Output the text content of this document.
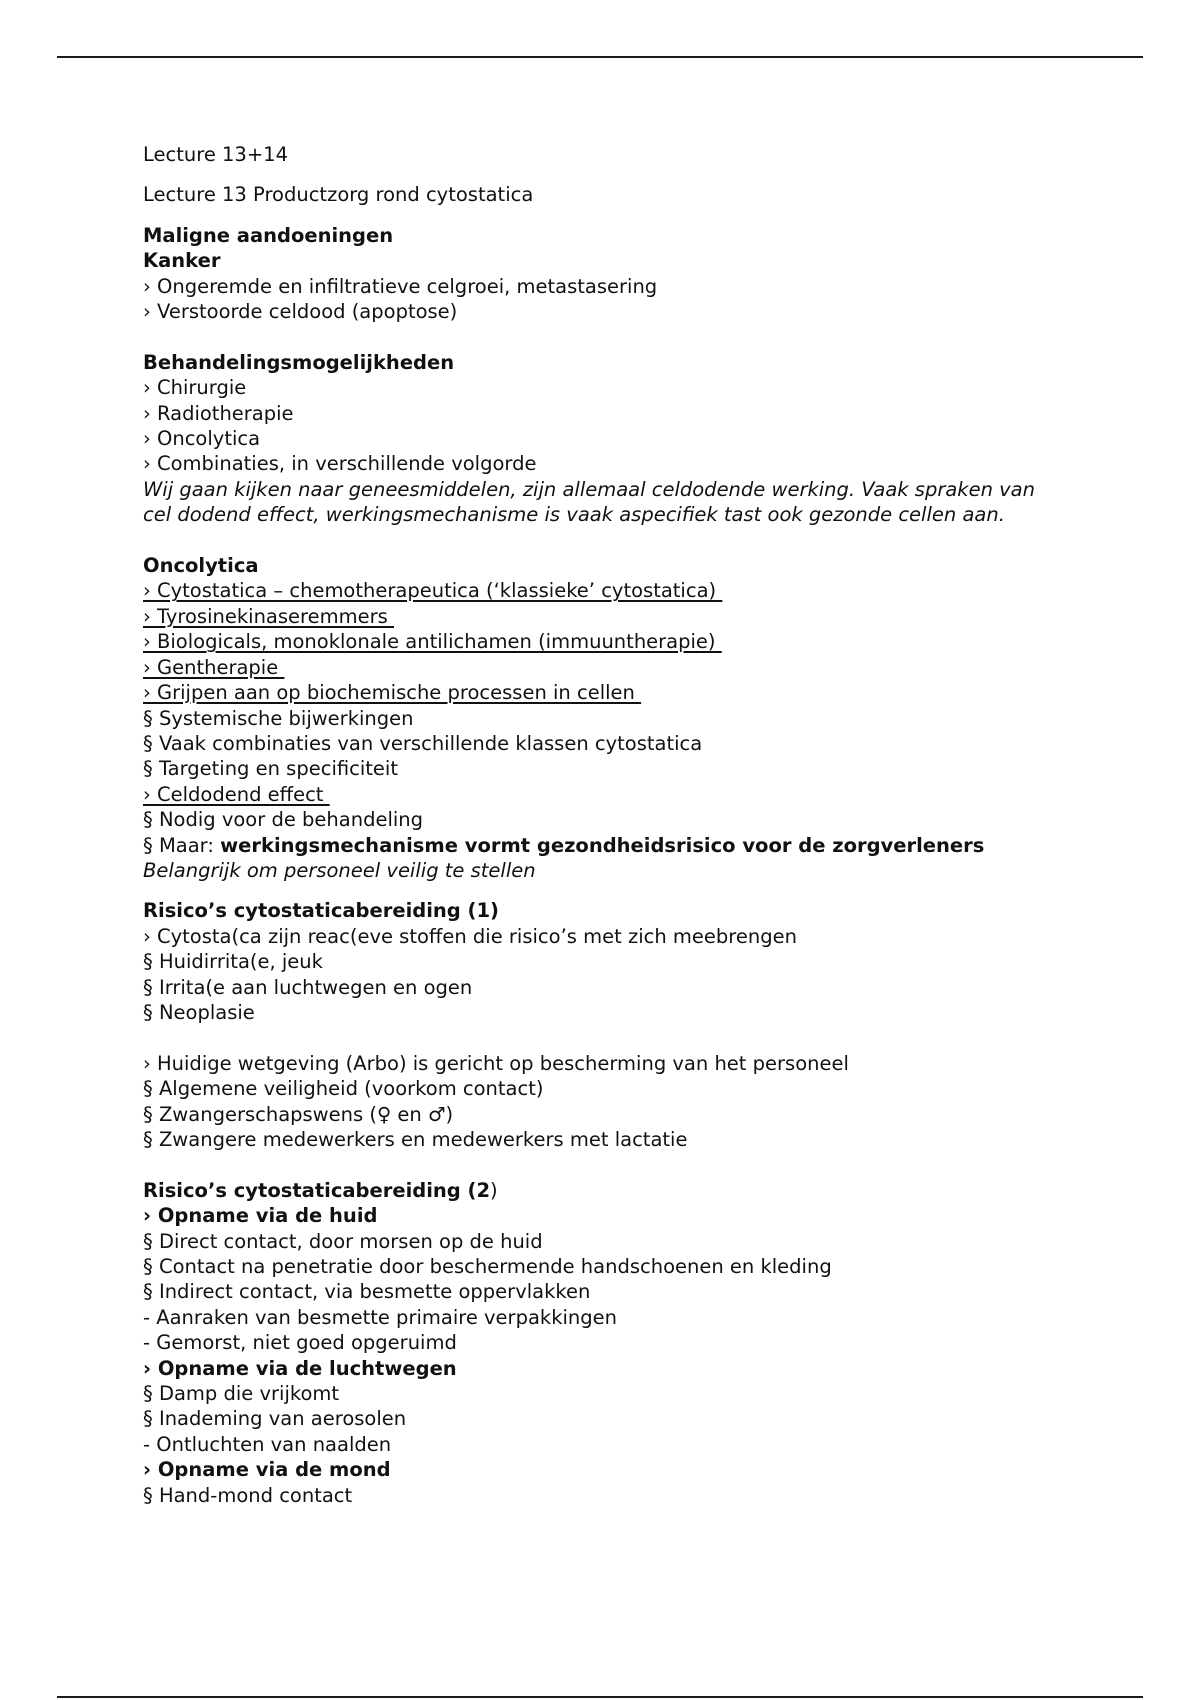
Lecture 13+14
Lecture 13 Productzorg rond cytostatica
Maligne aandoeningen
Kanker
› Ongeremde en infiltratieve celgroei, metastasering
› Verstoorde celdood (apoptose)
Behandelingsmogelijkheden
› Chirurgie
› Radiotherapie
› Oncolytica
› Combinaties, in verschillende volgorde
Wij gaan kijken naar geneesmiddelen, zijn allemaal celdodende werking. Vaak spraken van cel dodend effect, werkingsmechanisme is vaak aspecifiek tast ook gezonde cellen aan.
Oncolytica
› Cytostatica – chemotherapeutica (‘klassieke’ cytostatica)
› Tyrosinekinaseremmers
› Biologicals, monoklonale antilichamen (immuuntherapie)
› Gentherapie
› Grijpen aan op biochemische processen in cellen
§ Systemische bijwerkingen
§ Vaak combinaties van verschillende klassen cytostatica
§ Targeting en specificiteit
› Celdodend effect
§ Nodig voor de behandeling
§ Maar: werkingsmechanisme vormt gezondheidsrisico voor de zorgverleners
Belangrijk om personeel veilig te stellen
Risico’s cytostaticabereiding (1)
› Cytosta(ca zijn reac(eve stoffen die risico’s met zich meebrengen
§ Huidirrita(e, jeuk
§ Irrita(e aan luchtwegen en ogen
§ Neoplasie
› Huidige wetgeving (Arbo) is gericht op bescherming van het personeel
§ Algemene veiligheid (voorkom contact)
§ Zwangerschapswens (♀ en ♂)
§ Zwangere medewerkers en medewerkers met lactatie
Risico’s cytostaticabereiding (2)
› Opname via de huid
§ Direct contact, door morsen op de huid
§ Contact na penetratie door beschermende handschoenen en kleding
§ Indirect contact, via besmette oppervlakken
- Aanraken van besmette primaire verpakkingen
- Gemorst, niet goed opgeruimd
› Opname via de luchtwegen
§ Damp die vrijkomt
§ Inademing van aerosolen
- Ontluchten van naalden
› Opname via de mond
§ Hand-mond contact
